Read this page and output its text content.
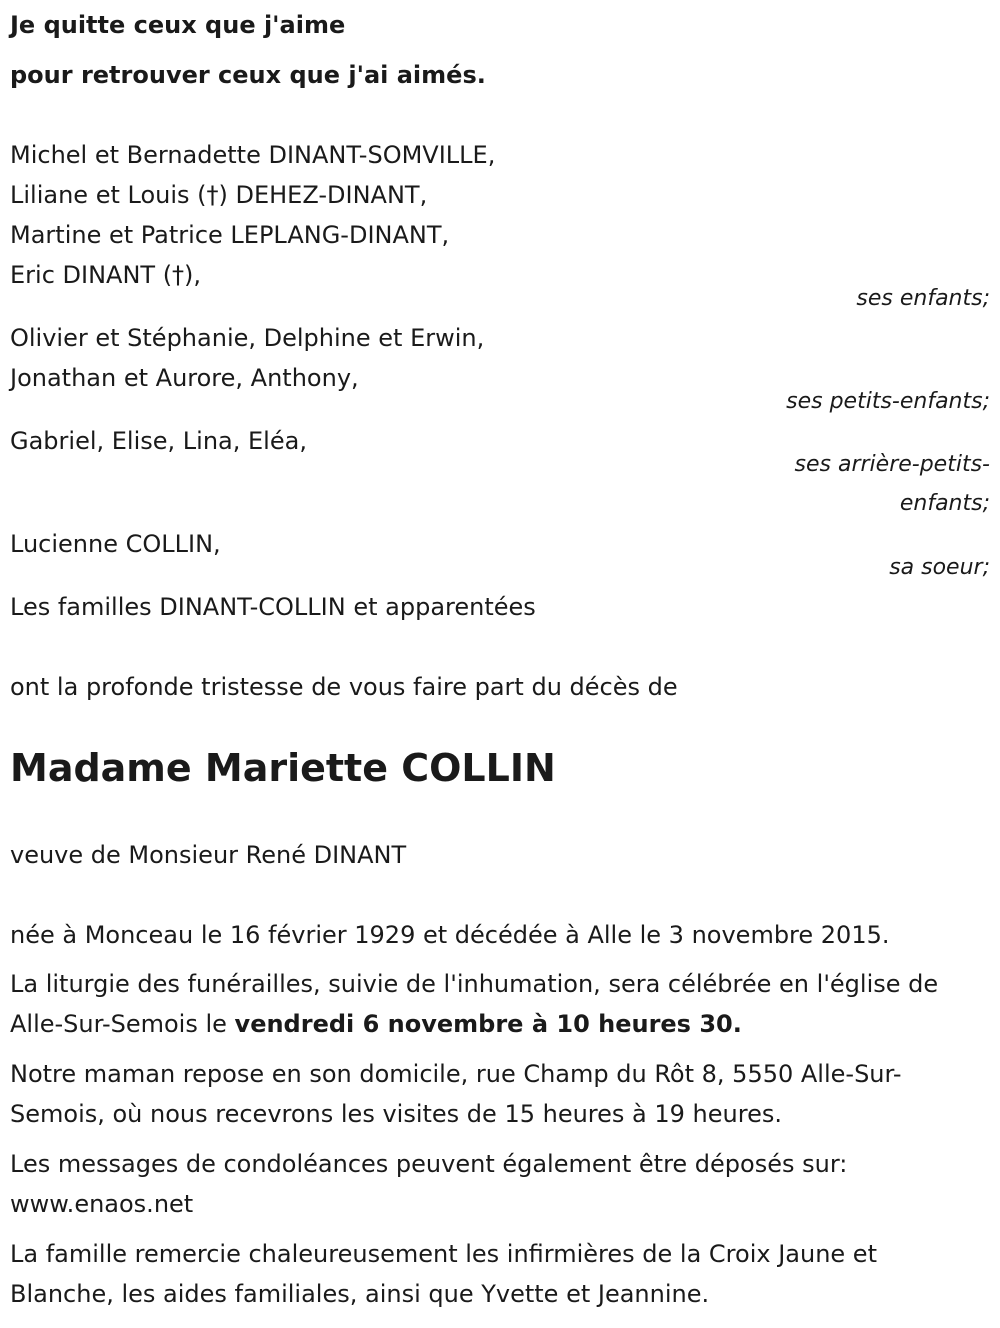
Je quitte ceux que j'aime
pour retrouver ceux que j'ai aimés.
Michel et Bernadette DINANT-SOMVILLE,
Liliane et Louis (†) DEHEZ-DINANT,
Martine et Patrice LEPLANG-DINANT,
Eric DINANT (†),
ses enfants;
Olivier et Stéphanie, Delphine et Erwin,
Jonathan et Aurore, Anthony,
ses petits-enfants;
Gabriel, Elise, Lina, Eléa,
ses arrière-petits-
enfants;
Lucienne COLLIN,
sa soeur;
Les familles DINANT-COLLIN et apparentées
ont la profonde tristesse de vous faire part du décès de
Madame Mariette COLLIN
veuve de Monsieur René DINANT
née à Monceau le 16 février 1929 et décédée à Alle le 3 novembre 2015.
La liturgie des funérailles, suivie de l'inhumation, sera célébrée en l'église de Alle-Sur-Semois le vendredi 6 novembre à 10 heures 30.
Notre maman repose en son domicile, rue Champ du Rôt 8, 5550 Alle-Sur-Semois, où nous recevrons les visites de 15 heures à 19 heures.
Les messages de condoléances peuvent également être déposés sur: www.enaos.net
La famille remercie chaleureusement les infirmières de la Croix Jaune et Blanche, les aides familiales, ainsi que Yvette et Jeannine.
